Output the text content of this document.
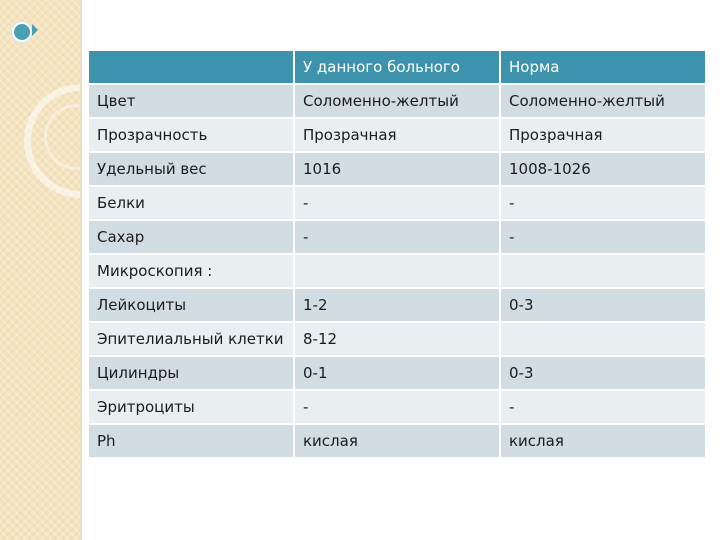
	У данного больного	Норма
Цвет	Соломенно-желтый	Соломенно-желтый
Прозрачность	Прозрачная	Прозрачная
Удельный вес	1016	1008-1026
Белки	-	-
Сахар	-	-
Микроскопия :		
Лейкоциты	1-2	0-3
Эпителиальный клетки	8-12	
Цилиндры	0-1	0-3
Эритроциты	-	-
Ph	кислая	кислая
